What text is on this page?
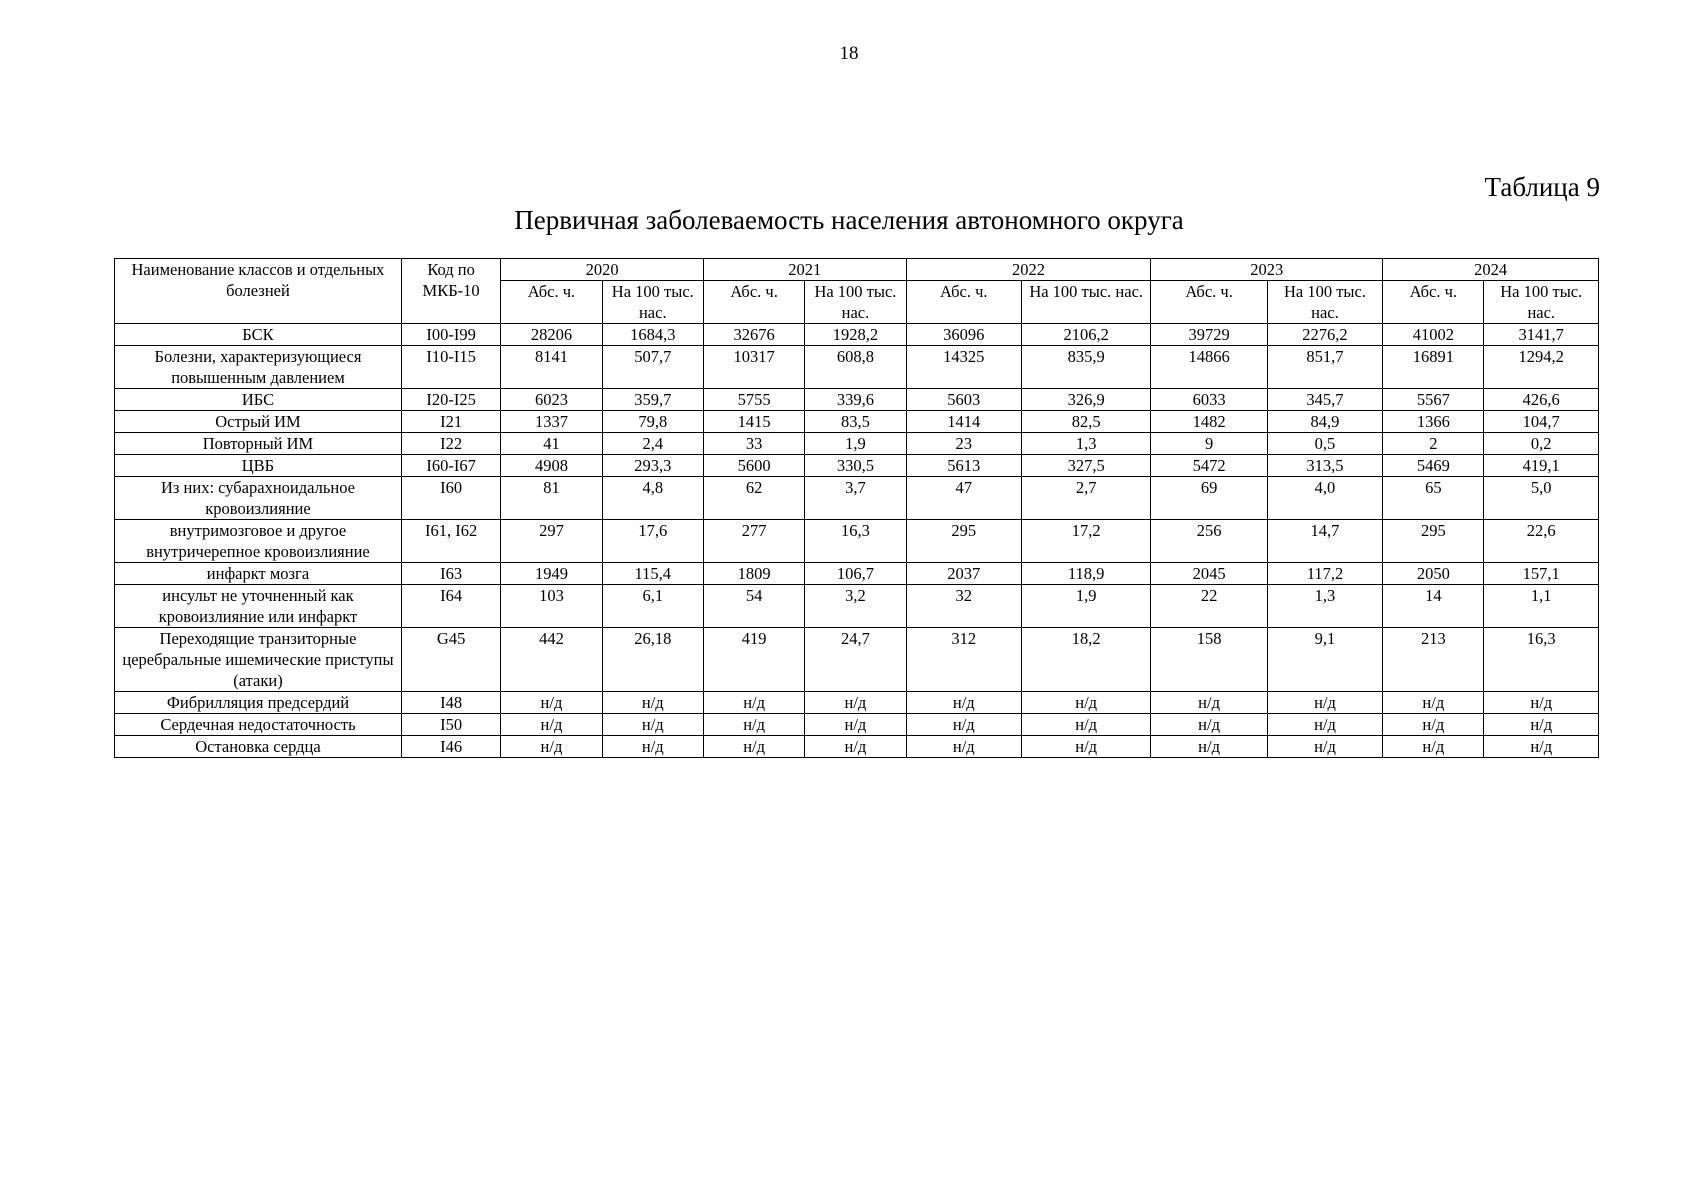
18
Таблица 9
Первичная заболеваемость населения автономного округа
Наименование классов и отдельных болезней	Код по МКБ-10	2020		2021		2022		2023		2024	
		Абс. ч.	На 100 тыс. нас.	Абс. ч.	На 100 тыс. нас.	Абс. ч.	На 100 тыс. нас.	Абс. ч.	На 100 тыс. нас.	Абс. ч.	На 100 тыс. нас.
БСК	I00-I99	28206	1684,3	32676	1928,2	36096	2106,2	39729	2276,2	41002	3141,7
Болезни, характеризующиеся повышенным давлением	I10-I15	8141	507,7	10317	608,8	14325	835,9	14866	851,7	16891	1294,2
ИБС	I20-I25	6023	359,7	5755	339,6	5603	326,9	6033	345,7	5567	426,6
Острый ИМ	I21	1337	79,8	1415	83,5	1414	82,5	1482	84,9	1366	104,7
Повторный ИМ	I22	41	2,4	33	1,9	23	1,3	9	0,5	2	0,2
ЦВБ	I60-I67	4908	293,3	5600	330,5	5613	327,5	5472	313,5	5469	419,1
Из них: субарахноидальное кровоизлияние	I60	81	4,8	62	3,7	47	2,7	69	4,0	65	5,0
внутримозговое и другое внутричерепное кровоизлияние	I61, I62	297	17,6	277	16,3	295	17,2	256	14,7	295	22,6
инфаркт мозга	I63	1949	115,4	1809	106,7	2037	118,9	2045	117,2	2050	157,1
инсульт не уточненный как кровоизлияние или инфаркт	I64	103	6,1	54	3,2	32	1,9	22	1,3	14	1,1
Переходящие транзиторные церебральные ишемические приступы (атаки)	G45	442	26,18	419	24,7	312	18,2	158	9,1	213	16,3
Фибрилляция предсердий	I48	н/д	н/д	н/д	н/д	н/д	н/д	н/д	н/д	н/д	н/д
Сердечная недостаточность	I50	н/д	н/д	н/д	н/д	н/д	н/д	н/д	н/д	н/д	н/д
Остановка сердца	I46	н/д	н/д	н/д	н/д	н/д	н/д	н/д	н/д	н/д	н/д
